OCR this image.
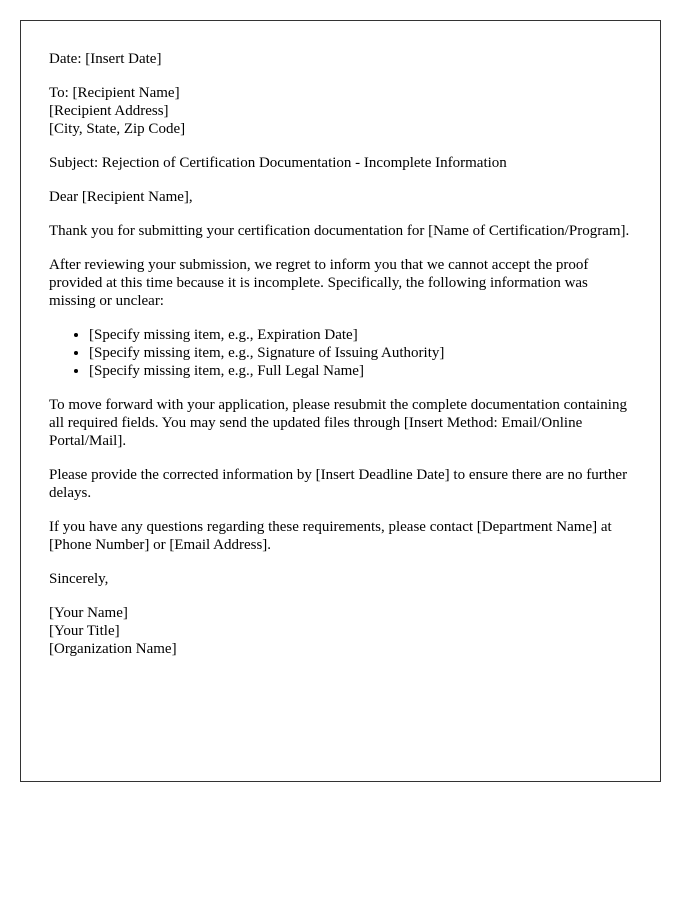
Date: [Insert Date]

To: [Recipient Name]
[Recipient Address]
[City, State, Zip Code]

Subject: Rejection of Certification Documentation - Incomplete Information

Dear [Recipient Name],

Thank you for submitting your certification documentation for [Name of Certification/Program].

After reviewing your submission, we regret to inform you that we cannot accept the proof provided at this time because it is incomplete. Specifically, the following information was missing or unclear:

• [Specify missing item, e.g., Expiration Date]
• [Specify missing item, e.g., Signature of Issuing Authority]
• [Specify missing item, e.g., Full Legal Name]

To move forward with your application, please resubmit the complete documentation containing all required fields. You may send the updated files through [Insert Method: Email/Online Portal/Mail].

Please provide the corrected information by [Insert Deadline Date] to ensure there are no further delays.

If you have any questions regarding these requirements, please contact [Department Name] at [Phone Number] or [Email Address].

Sincerely,

[Your Name]
[Your Title]
[Organization Name]
